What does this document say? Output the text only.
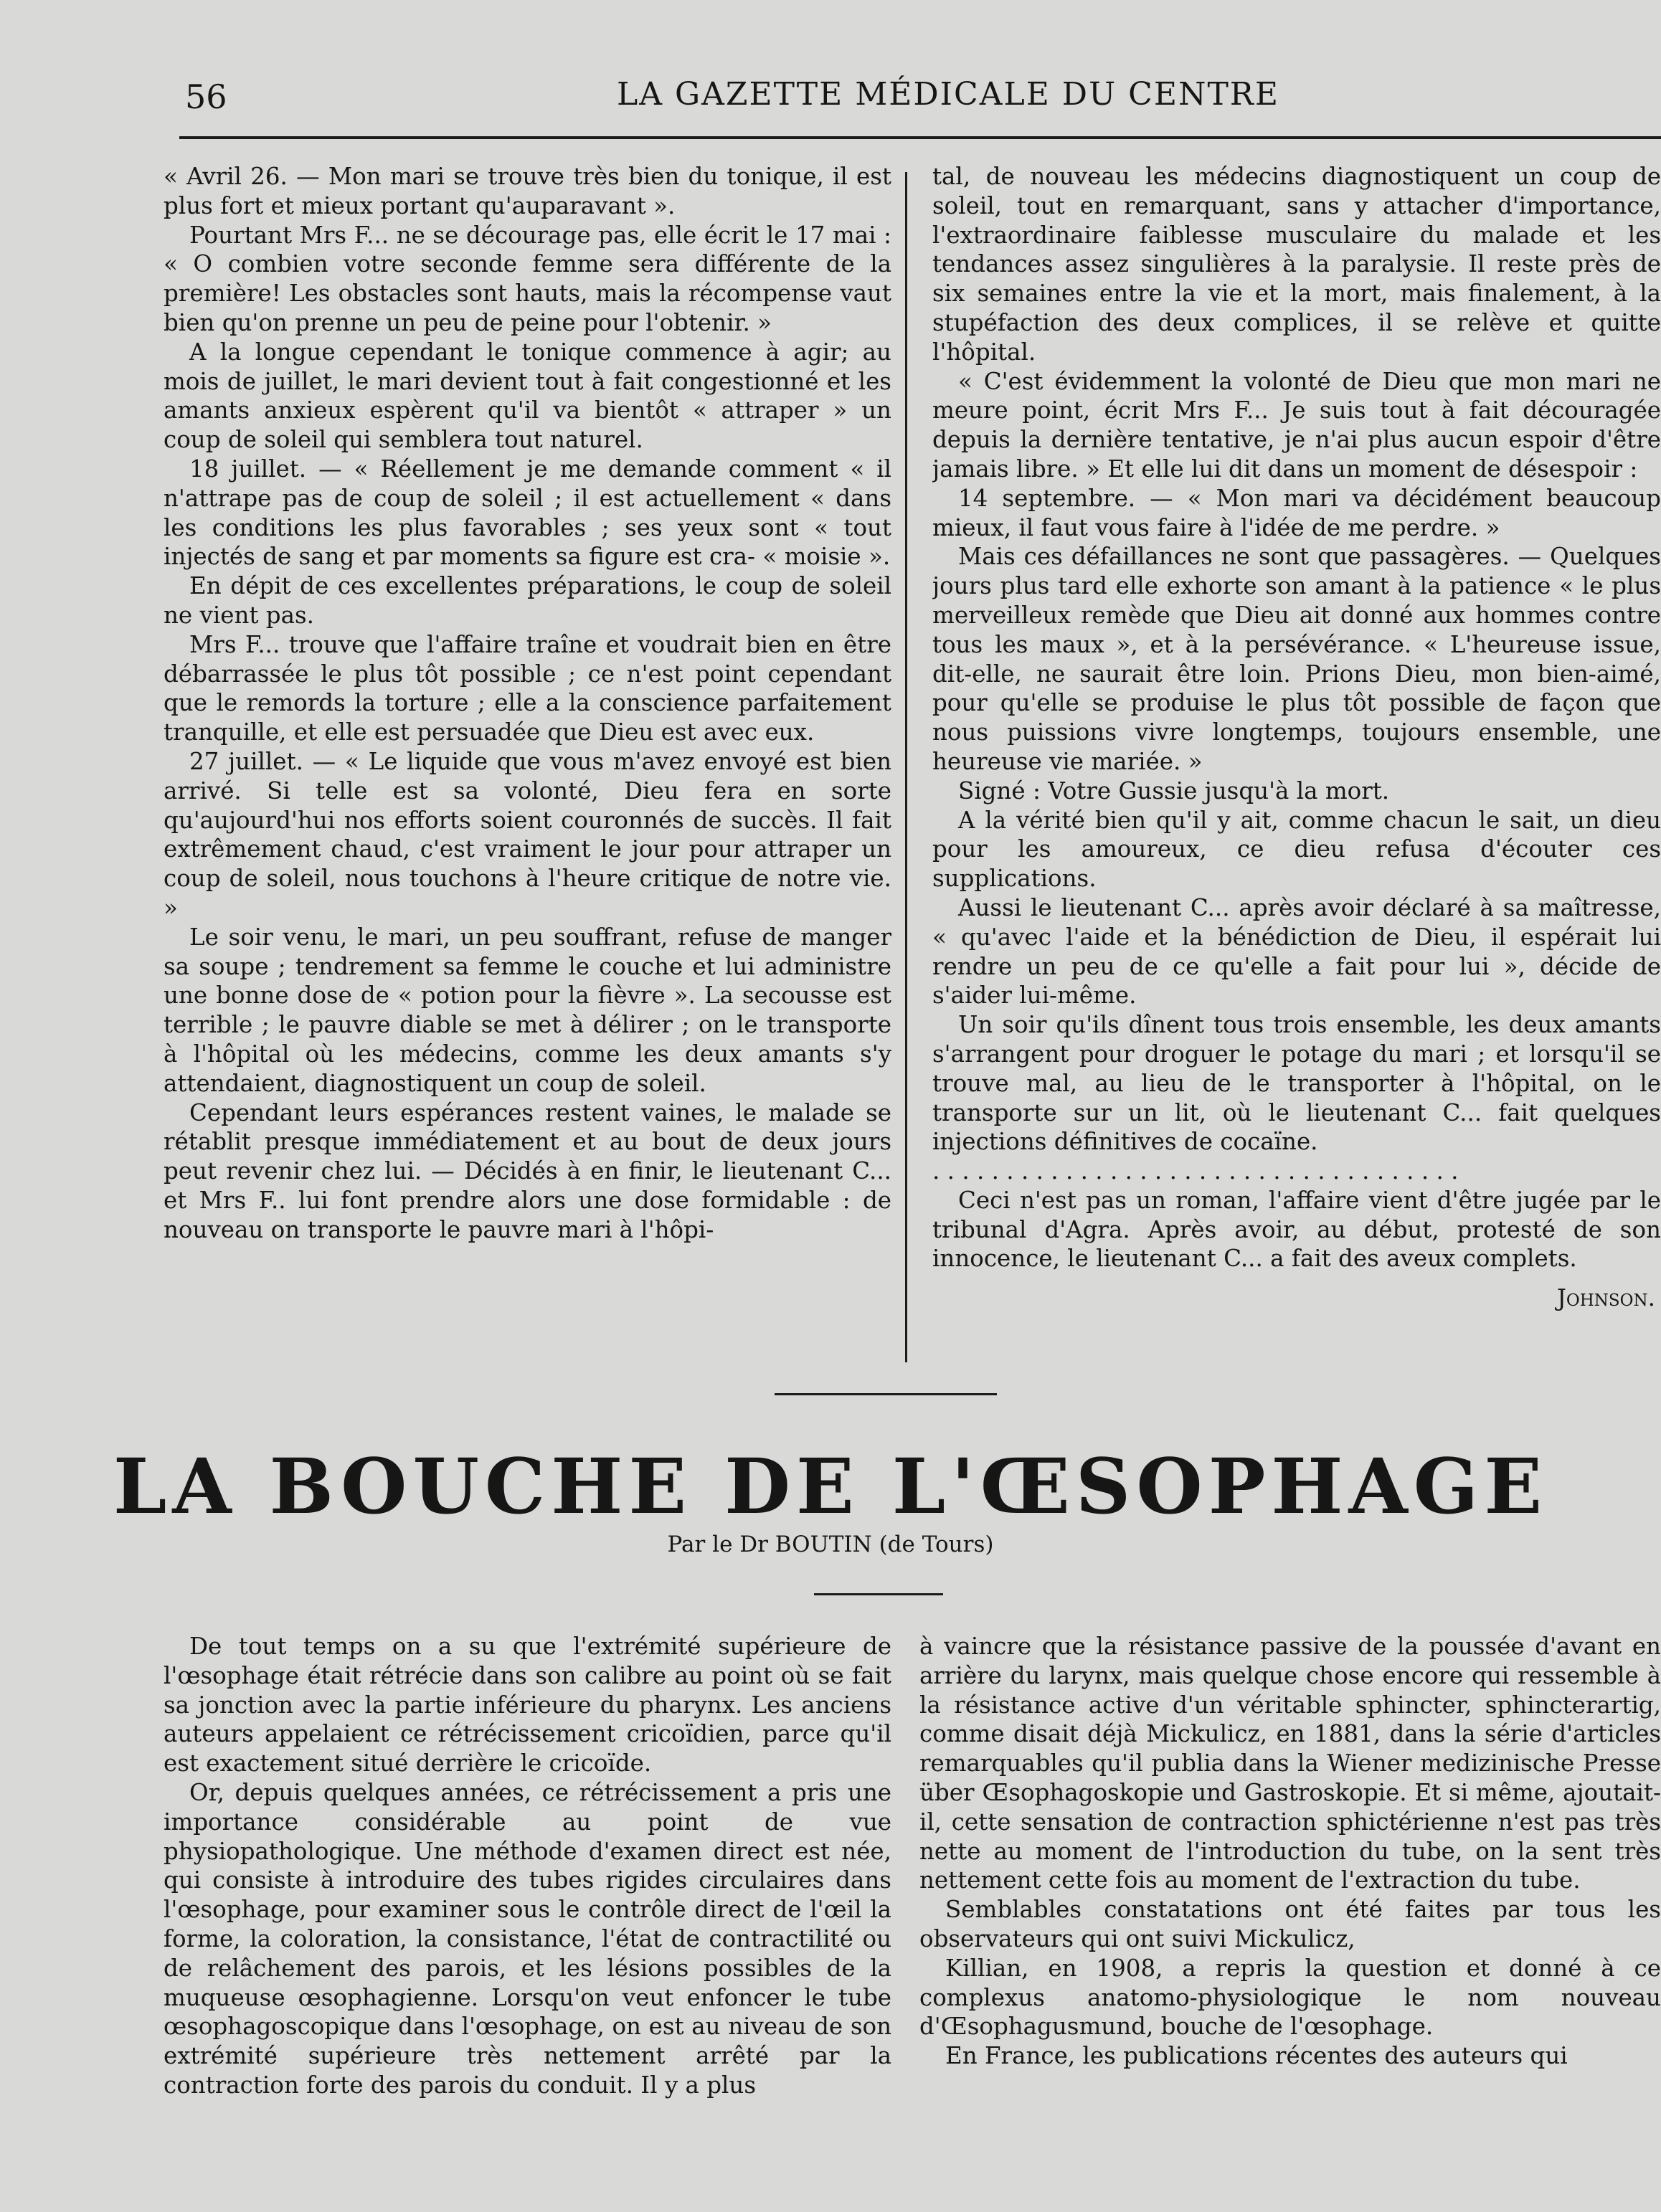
56	LA GAZETTE MÉDICALE DU CENTRE

« Avril 26. — Mon mari se trouve très bien du tonique, il est plus fort et mieux portant qu'auparavant ».

Pourtant Mrs F... ne se décourage pas, elle écrit le 17 mai : « O combien votre seconde femme sera différente de la première! Les obstacles sont hauts, mais la récompense vaut bien qu'on prenne un peu de peine pour l'obtenir. »

A la longue cependant le tonique commence à agir; au mois de juillet, le mari devient tout à fait congestionné et les amants anxieux espèrent qu'il va bientôt « attraper » un coup de soleil qui semblera tout naturel.

18 juillet. — « Réellement je me demande comment « il n'attrape pas de coup de soleil ; il est actuellement « dans les conditions les plus favorables ; ses yeux sont « tout injectés de sang et par moments sa figure est cra- « moisie ».

En dépit de ces excellentes préparations, le coup de soleil ne vient pas.

Mrs F... trouve que l'affaire traîne et voudrait bien en être débarrassée le plus tôt possible ; ce n'est point cependant que le remords la torture ; elle a la conscience parfaitement tranquille, et elle est persuadée que Dieu est avec eux.

27 juillet. — « Le liquide que vous m'avez envoyé est bien arrivé. Si telle est sa volonté, Dieu fera en sorte qu'aujourd'hui nos efforts soient couronnés de succès. Il fait extrêmement chaud, c'est vraiment le jour pour attraper un coup de soleil, nous touchons à l'heure critique de notre vie. »

Le soir venu, le mari, un peu souffrant, refuse de manger sa soupe ; tendrement sa femme le couche et lui administre une bonne dose de « potion pour la fièvre ». La secousse est terrible ; le pauvre diable se met à délirer ; on le transporte à l'hôpital où les médecins, comme les deux amants s'y attendaient, diagnostiquent un coup de soleil.

Cependant leurs espérances restent vaines, le malade se rétablit presque immédiatement et au bout de deux jours peut revenir chez lui. — Décidés à en finir, le lieutenant C... et Mrs F.. lui font prendre alors une dose formidable : de nouveau on transporte le pauvre mari à l'hôpi-

tal, de nouveau les médecins diagnostiquent un coup de soleil, tout en remarquant, sans y attacher d'importance, l'extraordinaire faiblesse musculaire du malade et les tendances assez singulières à la paralysie. Il reste près de six semaines entre la vie et la mort, mais finalement, à la stupéfaction des deux complices, il se relève et quitte l'hôpital.

« C'est évidemment la volonté de Dieu que mon mari ne meure point, écrit Mrs F... Je suis tout à fait découragée depuis la dernière tentative, je n'ai plus aucun espoir d'être jamais libre. » Et elle lui dit dans un moment de désespoir :

14 septembre. — « Mon mari va décidément beaucoup mieux, il faut vous faire à l'idée de me perdre. »

Mais ces défaillances ne sont que passagères. — Quelques jours plus tard elle exhorte son amant à la patience « le plus merveilleux remède que Dieu ait donné aux hommes contre tous les maux », et à la persévérance. « L'heureuse issue, dit-elle, ne saurait être loin. Prions Dieu, mon bien-aimé, pour qu'elle se produise le plus tôt possible de façon que nous puissions vivre longtemps, toujours ensemble, une heureuse vie mariée. »

Signé : Votre Gussie jusqu'à la mort.

A la vérité bien qu'il y ait, comme chacun le sait, un dieu pour les amoureux, ce dieu refusa d'écouter ces supplications.

Aussi le lieutenant C... après avoir déclaré à sa maîtresse, « qu'avec l'aide et la bénédiction de Dieu, il espérait lui rendre un peu de ce qu'elle a fait pour lui », décide de s'aider lui-même.

Un soir qu'ils dînent tous trois ensemble, les deux amants s'arrangent pour droguer le potage du mari ; et lorsqu'il se trouve mal, au lieu de le transporter à l'hôpital, on le transporte sur un lit, où le lieutenant C... fait quelques injections définitives de cocaïne.

. . . . . . . . . . . . . . . . . . . . . . . . . . . . . . . . . . . .

Ceci n'est pas un roman, l'affaire vient d'être jugée par le tribunal d'Agra. Après avoir, au début, protesté de son innocence, le lieutenant C... a fait des aveux complets.

Johnson.

LA BOUCHE DE L'ŒSOPHAGE
Par le Dr BOUTIN (de Tours)

De tout temps on a su que l'extrémité supérieure de l'œsophage était rétrécie dans son calibre au point où se fait sa jonction avec la partie inférieure du pharynx. Les anciens auteurs appelaient ce rétrécissement cricoïdien, parce qu'il est exactement situé derrière le cricoïde.

Or, depuis quelques années, ce rétrécissement a pris une importance considérable au point de vue physiopathologique. Une méthode d'examen direct est née, qui consiste à introduire des tubes rigides circulaires dans l'œsophage, pour examiner sous le contrôle direct de l'œil la forme, la coloration, la consistance, l'état de contractilité ou de relâchement des parois, et les lésions possibles de la muqueuse œsophagienne. Lorsqu'on veut enfoncer le tube œsophagoscopique dans l'œsophage, on est au niveau de son extrémité supérieure très nettement arrêté par la contraction forte des parois du conduit. Il y a plus

à vaincre que la résistance passive de la poussée d'avant en arrière du larynx, mais quelque chose encore qui ressemble à la résistance active d'un véritable sphincter, sphincterartig, comme disait déjà Mickulicz, en 1881, dans la série d'articles remarquables qu'il publia dans la Wiener medizinische Presse über Œsophagoskopie und Gastroskopie. Et si même, ajoutait-il, cette sensation de contraction sphictérienne n'est pas très nette au moment de l'introduction du tube, on la sent très nettement cette fois au moment de l'extraction du tube.

Semblables constatations ont été faites par tous les observateurs qui ont suivi Mickulicz,

Killian, en 1908, a repris la question et donné à ce complexus anatomo-physiologique le nom nouveau d'Œsophagusmund, bouche de l'œsophage.

En France, les publications récentes des auteurs qui
